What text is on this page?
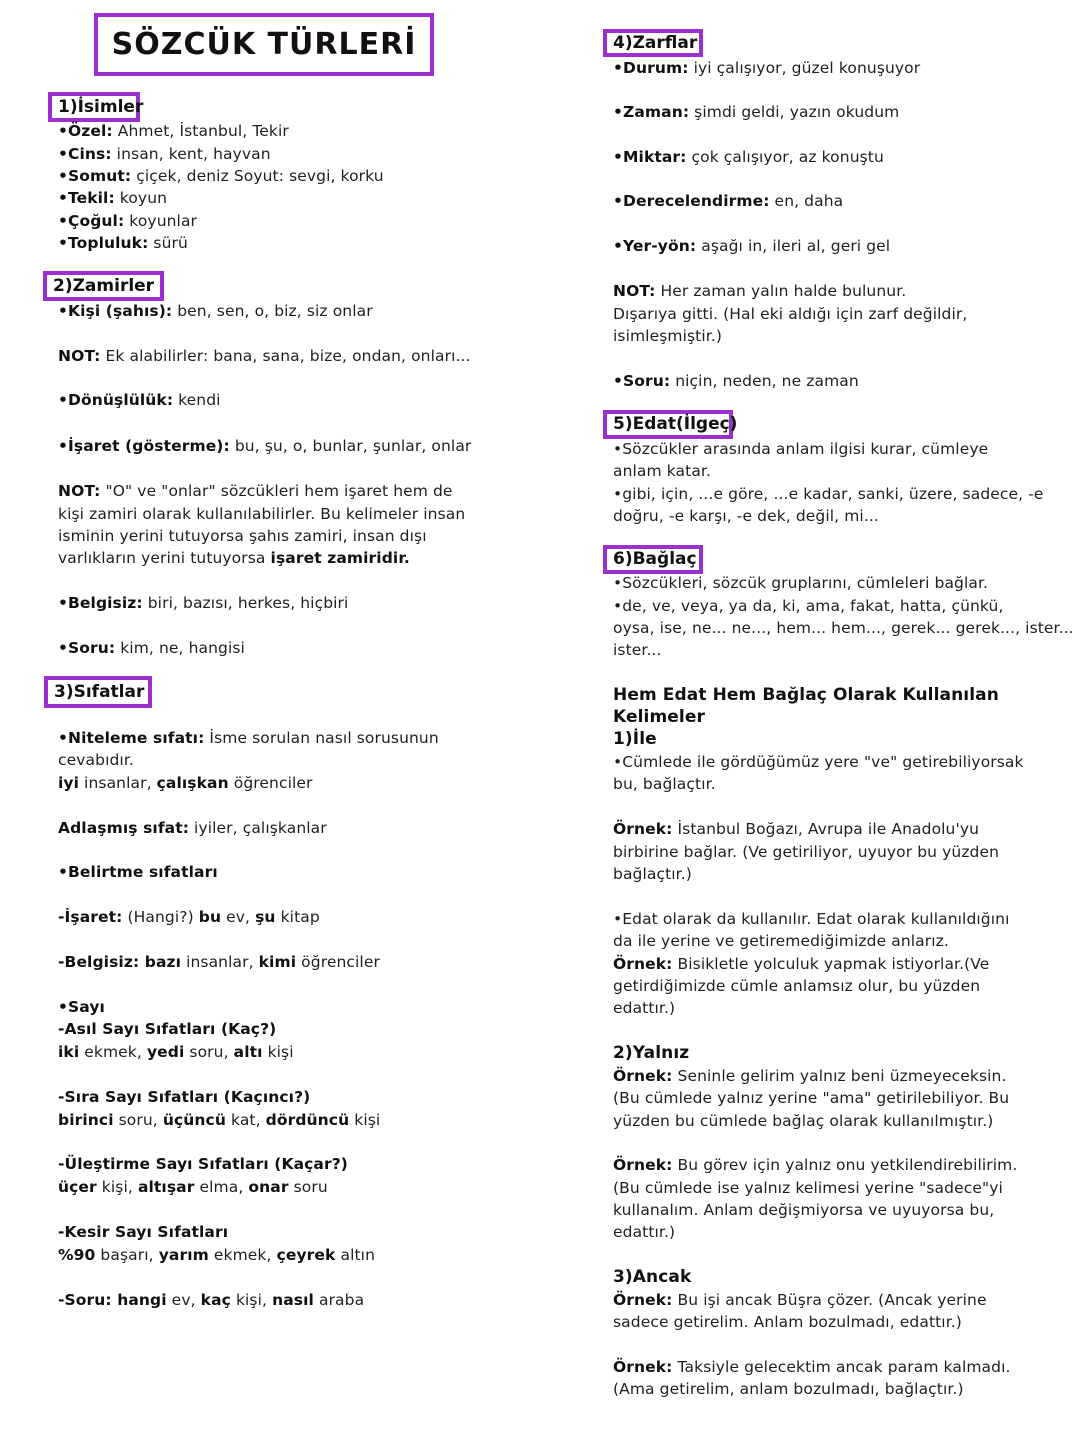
SÖZCÜK TÜRLERİ
1)İsimler
•Özel: Ahmet, İstanbul, Tekir
•Cins: insan, kent, hayvan
•Somut: çiçek, deniz Soyut: sevgi, korku
•Tekil: koyun
•Çoğul: koyunlar
•Topluluk: sürü
2)Zamirler
•Kişi (şahıs): ben, sen, o, biz, siz onlar
NOT: Ek alabilirler: bana, sana, bize, ondan, onları...
•Dönüşlülük: kendi
•İşaret (gösterme): bu, şu, o, bunlar, şunlar, onlar
NOT: "O" ve "onlar" sözcükleri hem işaret hem de
kişi zamiri olarak kullanılabilirler. Bu kelimeler insan
isminin yerini tutuyorsa şahıs zamiri, insan dışı
varlıkların yerini tutuyorsa işaret zamiridir.
•Belgisiz: biri, bazısı, herkes, hiçbiri
•Soru: kim, ne, hangisi
3)Sıfatlar
•Niteleme sıfatı: İsme sorulan nasıl sorusunun
cevabıdır.
iyi insanlar, çalışkan öğrenciler
Adlaşmış sıfat: iyiler, çalışkanlar
•Belirtme sıfatları
-İşaret: (Hangi?) bu ev, şu kitap
-Belgisiz: bazı insanlar, kimi öğrenciler
•Sayı
-Asıl Sayı Sıfatları (Kaç?)
iki ekmek, yedi soru, altı kişi
-Sıra Sayı Sıfatları (Kaçıncı?)
birinci soru, üçüncü kat, dördüncü kişi
-Üleştirme Sayı Sıfatları (Kaçar?)
üçer kişi, altışar elma, onar soru
-Kesir Sayı Sıfatları
%90 başarı, yarım ekmek, çeyrek altın
-Soru: hangi ev, kaç kişi, nasıl araba
4)Zarflar
•Durum: iyi çalışıyor, güzel konuşuyor
•Zaman: şimdi geldi, yazın okudum
•Miktar: çok çalışıyor, az konuştu
•Derecelendirme: en, daha
•Yer-yön: aşağı in, ileri al, geri gel
NOT: Her zaman yalın halde bulunur.
Dışarıya gitti. (Hal eki aldığı için zarf değildir,
isimleşmiştir.)
•Soru: niçin, neden, ne zaman
5)Edat(İlgeç)
•Sözcükler arasında anlam ilgisi kurar, cümleye
anlam katar.
•gibi, için, ...e göre, ...e kadar, sanki, üzere, sadece, -e
doğru, -e karşı, -e dek, değil, mi...
6)Bağlaç
•Sözcükleri, sözcük gruplarını, cümleleri bağlar.
•de, ve, veya, ya da, ki, ama, fakat, hatta, çünkü,
oysa, ise, ne... ne..., hem... hem..., gerek... gerek..., ister...
ister...
Hem Edat Hem Bağlaç Olarak Kullanılan
Kelimeler
1)İle
•Cümlede ile gördüğümüz yere "ve" getirebiliyorsak
bu, bağlaçtır.
Örnek: İstanbul Boğazı, Avrupa ile Anadolu'yu
birbirine bağlar. (Ve getiriliyor, uyuyor bu yüzden
bağlaçtır.)
•Edat olarak da kullanılır. Edat olarak kullanıldığını
da ile yerine ve getiremediğimizde anlarız.
Örnek: Bisikletle yolculuk yapmak istiyorlar.(Ve
getirdiğimizde cümle anlamsız olur, bu yüzden
edattır.)
2)Yalnız
Örnek: Seninle gelirim yalnız beni üzmeyeceksin.
(Bu cümlede yalnız yerine "ama" getirilebiliyor. Bu
yüzden bu cümlede bağlaç olarak kullanılmıştır.)
Örnek: Bu görev için yalnız onu yetkilendirebilirim.
(Bu cümlede ise yalnız kelimesi yerine "sadece"yi
kullanalım. Anlam değişmiyorsa ve uyuyorsa bu,
edattır.)
3)Ancak
Örnek: Bu işi ancak Büşra çözer. (Ancak yerine
sadece getirelim. Anlam bozulmadı, edattır.)
Örnek: Taksiyle gelecektim ancak param kalmadı.
(Ama getirelim, anlam bozulmadı, bağlaçtır.)
